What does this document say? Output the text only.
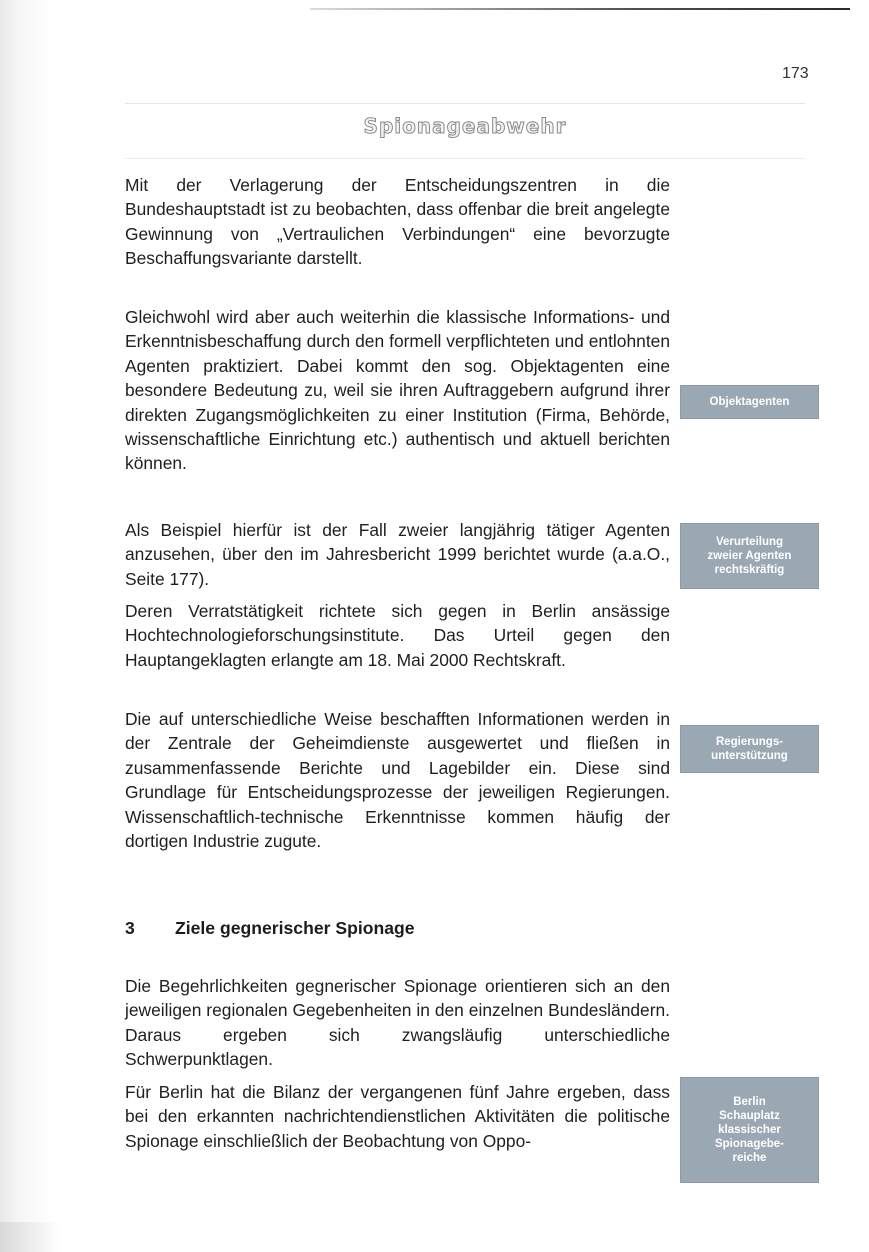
173
Spionageabwehr

Mit der Verlagerung der Entscheidungszentren in die Bundeshauptstadt ist zu beobachten, dass offenbar die breit angelegte Gewinnung von „Vertraulichen Verbindungen“ eine bevorzugte Beschaffungsvariante darstellt.

Gleichwohl wird aber auch weiterhin die klassische Informations- und Erkenntnisbeschaffung durch den formell verpflichteten und entlohnten Agenten praktiziert. Dabei kommt den sog. Objektagenten eine besondere Bedeutung zu, weil sie ihren Auftraggebern aufgrund ihrer direkten Zugangsmöglichkeiten zu einer Institution (Firma, Behörde, wissenschaftliche Einrichtung etc.) authentisch und aktuell berichten können.

Als Beispiel hierfür ist der Fall zweier langjährig tätiger Agenten anzusehen, über den im Jahresbericht 1999 berichtet wurde (a.a.O., Seite 177).

Deren Verratstätigkeit richtete sich gegen in Berlin ansässige Hochtechnologieforschungsinstitute. Das Urteil gegen den Hauptangeklagten erlangte am 18. Mai 2000 Rechtskraft.

Die auf unterschiedliche Weise beschafften Informationen werden in der Zentrale der Geheimdienste ausgewertet und fließen in zusammenfassende Berichte und Lagebilder ein. Diese sind Grundlage für Entscheidungsprozesse der jeweiligen Regierungen. Wissenschaftlich-technische Erkenntnisse kommen häufig der dortigen Industrie zugute.

3 Ziele gegnerischer Spionage

Die Begehrlichkeiten gegnerischer Spionage orientieren sich an den jeweiligen regionalen Gegebenheiten in den einzelnen Bundesländern. Daraus ergeben sich zwangsläufig unterschiedliche Schwerpunktlagen.

Für Berlin hat die Bilanz der vergangenen fünf Jahre ergeben, dass bei den erkannten nachrichtendienstlichen Aktivitäten die politische Spionage einschließlich der Beobachtung von Oppo-

Objektagenten
Verurteilung
zweier Agenten
rechtskräftig
Regierungs-
unterstützung
Berlin
Schauplatz
klassischer
Spionagebe-
reiche
